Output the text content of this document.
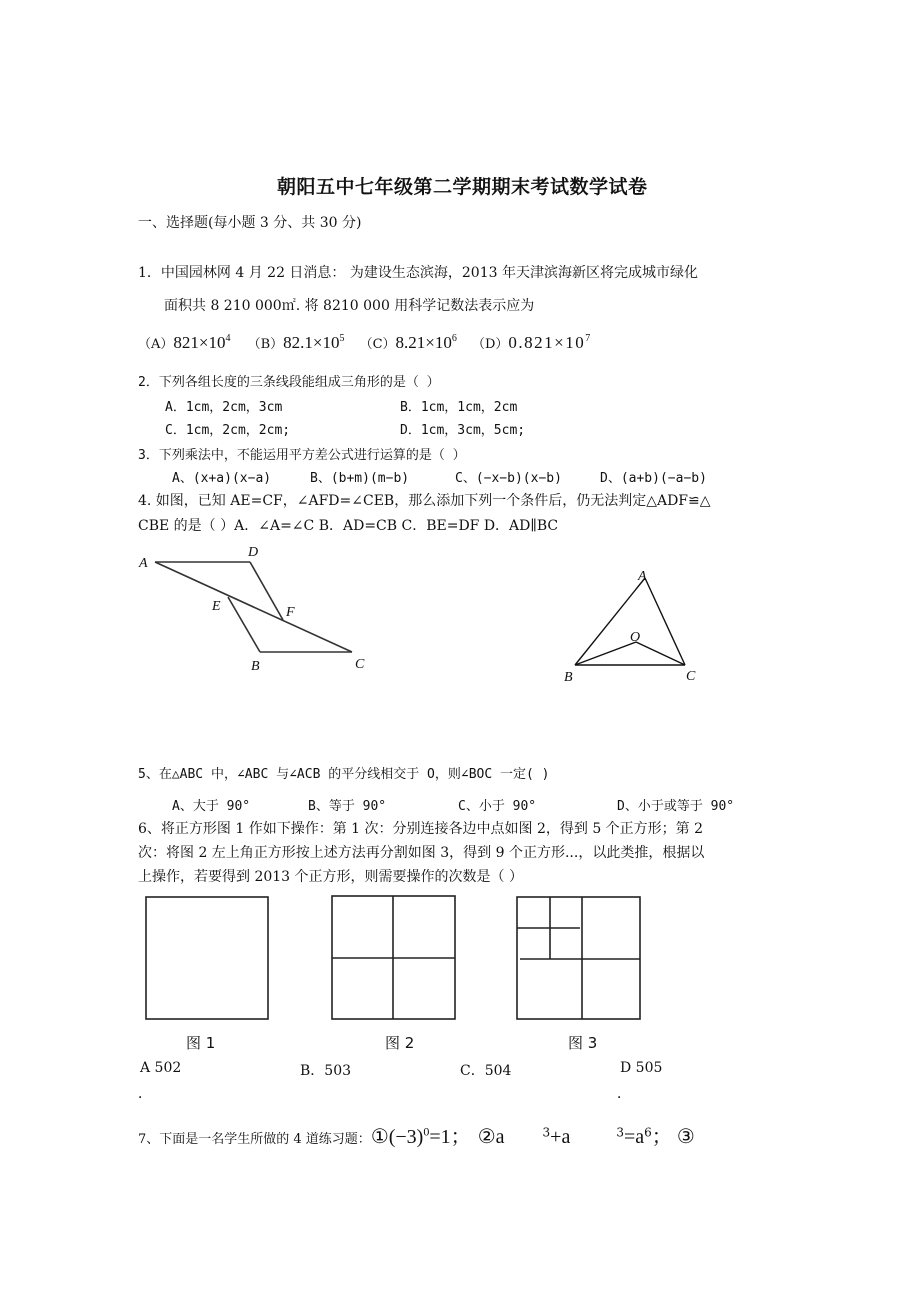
朝阳五中七年级第二学期期末考试数学试卷
一、选择题(每小题 3 分、共 30 分)
1．中国园林网 4 月 22 日消息： 为建设生态滨海，2013 年天津滨海新区将完成城市绿化
面积共 8 210 000㎡. 将 8210 000 用科学记数法表示应为
$(A)821\times 10^4$ $(B)82.1\times 10^5$ $(C)8.21\times 10^6$ $(D)0.821\times 10^7$
2．下列各组长度的三条线段能组成三角形的是（ ）
A．1cm，2cm，3cm	B．1cm，1cm，2cm
C．1cm，2cm，2cm;	D．1cm，3cm，5cm;
3．下列乘法中，不能运用平方差公式进行运算的是（ ）
A、(x+a)(x−a)	B、(b+m)(m−b)	C、(−x−b)(x−b)	D、(a+b)(−a−b)
4. 如图，已知 AE=CF，∠AFD=∠CEB，那么添加下列一个条件后，仍无法判定△ADF≌△
CBE 的是（ ）A．∠A=∠C B．AD=CB C．BE=DF D．AD∥BC
A
D
E	F
B	C
A
O
B	C
5、在△ABC 中，∠ABC 与∠ACB 的平分线相交于 O，则∠BOC 一定( )
A、大于 90°	B、等于 90°	C、小于 90°	D、小于或等于 90°
6、将正方形图 1 作如下操作：第 1 次：分别连接各边中点如图 2，得到 5 个正方形；第 2
次：将图 2 左上角正方形按上述方法再分割如图 3，得到 9 个正方形...，以此类推，根据以
上操作，若要得到 2013 个正方形，则需要操作的次数是（ ）
图 1	图 2	图 3
A 502	B．503	C．504	D 505
．	．
7、下面是一名学生所做的 4 道练习题：$①(-3)^0=1$； ②a	$^3$+a	$^3=a^6$； ③
